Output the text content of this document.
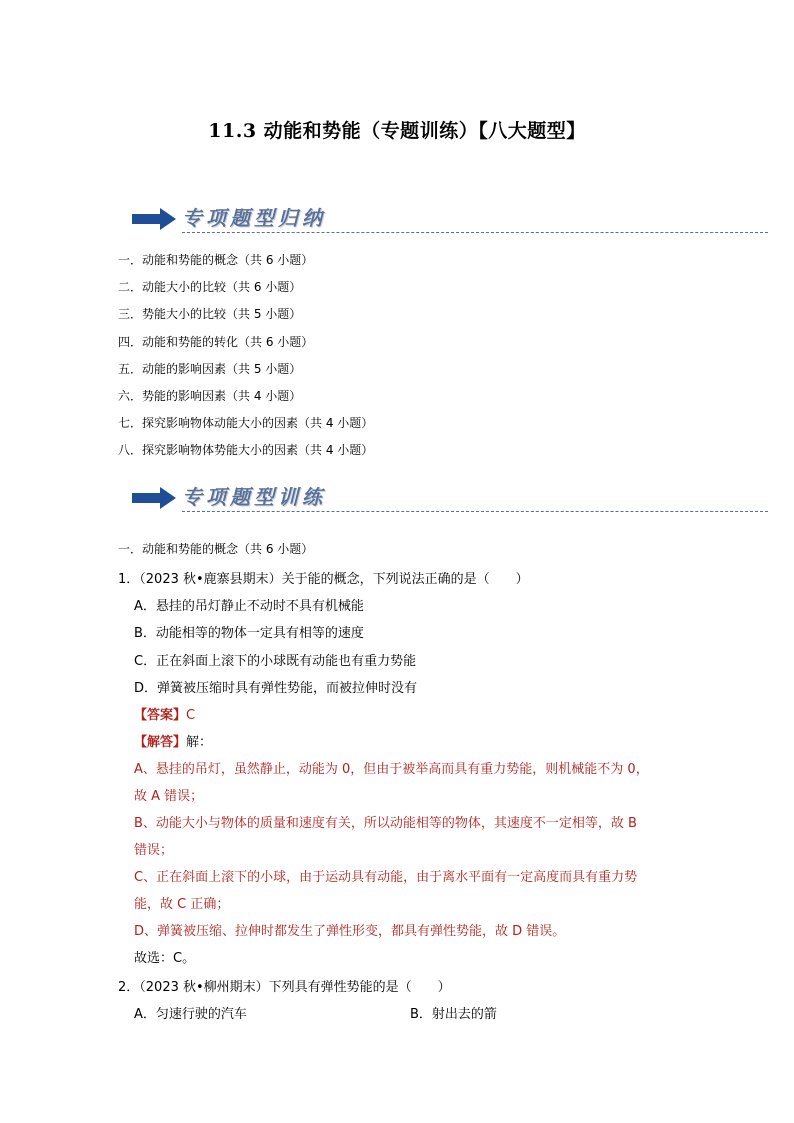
11.3 动能和势能（专题训练）【八大题型】
专项题型归纳
一．动能和势能的概念（共 6 小题）
二．动能大小的比较（共 6 小题）
三．势能大小的比较（共 5 小题）
四．动能和势能的转化（共 6 小题）
五．动能的影响因素（共 5 小题）
六．势能的影响因素（共 4 小题）
七．探究影响物体动能大小的因素（共 4 小题）
八．探究影响物体势能大小的因素（共 4 小题）
专项题型训练
一．动能和势能的概念（共 6 小题）
1．（2023 秋•鹿寨县期末）关于能的概念，下列说法正确的是（　　）
A．悬挂的吊灯静止不动时不具有机械能
B．动能相等的物体一定具有相等的速度
C．正在斜面上滚下的小球既有动能也有重力势能
D．弹簧被压缩时具有弹性势能，而被拉伸时没有
【答案】C
【解答】解：
A、悬挂的吊灯，虽然静止，动能为 0，但由于被举高而具有重力势能，则机械能不为 0，
故 A 错误；
B、动能大小与物体的质量和速度有关，所以动能相等的物体，其速度不一定相等，故 B
错误；
C、正在斜面上滚下的小球，由于运动具有动能，由于离水平面有一定高度而具有重力势
能，故 C 正确；
D、弹簧被压缩、拉伸时都发生了弹性形变，都具有弹性势能，故 D 错误。
故选：C。
2．（2023 秋•柳州期末）下列具有弹性势能的是（　　）
A．匀速行驶的汽车	B．射出去的箭
